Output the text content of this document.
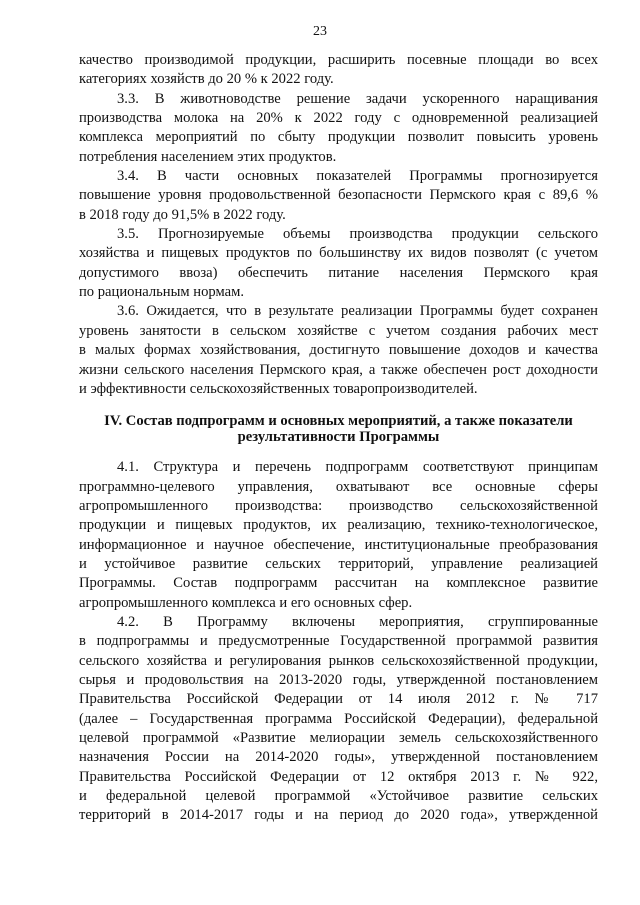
23

качество производимой продукции, расширить посевные площади во всех
категориях хозяйств до 20 % к 2022 году.

3.3. В животноводстве решение задачи ускоренного наращивания
производства молока на 20% к 2022 году с одновременной реализацией
комплекса мероприятий по сбыту продукции позволит повысить уровень
потребления населением этих продуктов.

3.4. В части основных показателей Программы прогнозируется
повышение уровня продовольственной безопасности Пермского края с 89,6 %
в 2018 году до 91,5% в 2022 году.

3.5. Прогнозируемые объемы производства продукции сельского
хозяйства и пищевых продуктов по большинству их видов позволят (с учетом
допустимого ввоза) обеспечить питание населения Пермского края
по рациональным нормам.

3.6. Ожидается, что в результате реализации Программы будет сохранен
уровень занятости в сельском хозяйстве с учетом создания рабочих мест
в малых формах хозяйствования, достигнуто повышение доходов и качества
жизни сельского населения Пермского края, а также обеспечен рост доходности
и эффективности сельскохозяйственных товаропроизводителей.

IV. Состав подпрограмм и основных мероприятий, а также показатели
результативности Программы

4.1. Структура и перечень подпрограмм соответствуют принципам
программно-целевого управления, охватывают все основные сферы
агропромышленного производства: производство сельскохозяйственной
продукции и пищевых продуктов, их реализацию, технико-технологическое,
информационное и научное обеспечение, институциональные преобразования
и устойчивое развитие сельских территорий, управление реализацией
Программы. Состав подпрограмм рассчитан на комплексное развитие
агропромышленного комплекса и его основных сфер.

4.2. В Программу включены мероприятия, сгруппированные
в подпрограммы и предусмотренные Государственной программой развития
сельского хозяйства и регулирования рынков сельскохозяйственной продукции,
сырья и продовольствия на 2013-2020 годы, утвержденной постановлением
Правительства Российской Федерации от 14 июля 2012 г. № 717
(далее – Государственная программа Российской Федерации), федеральной
целевой программой «Развитие мелиорации земель сельскохозяйственного
назначения России на 2014-2020 годы», утвержденной постановлением
Правительства Российской Федерации от 12 октября 2013 г. № 922,
и федеральной целевой программой «Устойчивое развитие сельских
территорий в 2014-2017 годы и на период до 2020 года», утвержденной
